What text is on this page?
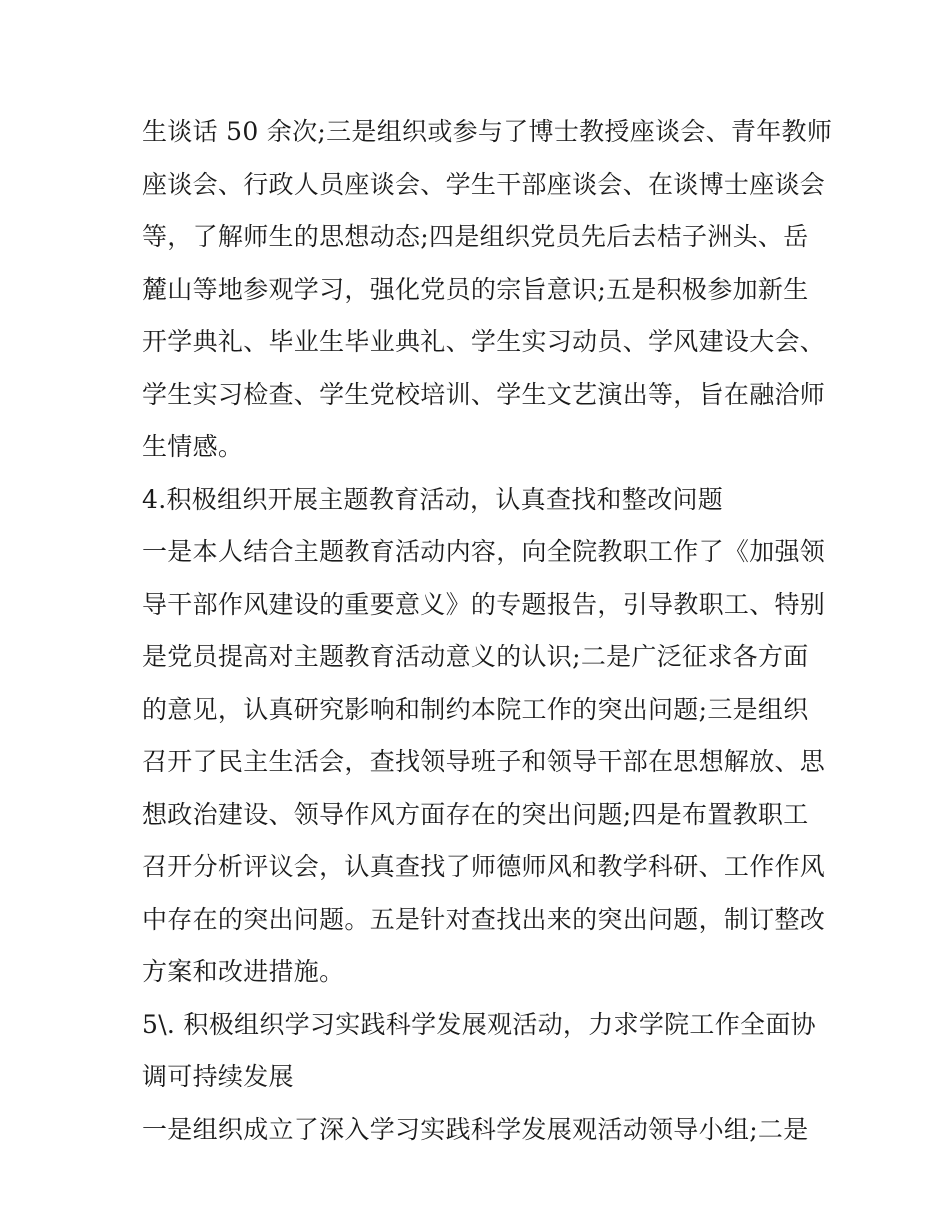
生谈话 50 余次;三是组织或参与了博士教授座谈会、青年教师
座谈会、行政人员座谈会、学生干部座谈会、在谈博士座谈会
等，了解师生的思想动态;四是组织党员先后去桔子洲头、岳
麓山等地参观学习，强化党员的宗旨意识;五是积极参加新生
开学典礼、毕业生毕业典礼、学生实习动员、学风建设大会、
学生实习检查、学生党校培训、学生文艺演出等，旨在融洽师
生情感。
4.积极组织开展主题教育活动，认真查找和整改问题
一是本人结合主题教育活动内容，向全院教职工作了《加强领
导干部作风建设的重要意义》的专题报告，引导教职工、特别
是党员提高对主题教育活动意义的认识;二是广泛征求各方面
的意见，认真研究影响和制约本院工作的突出问题;三是组织
召开了民主生活会，查找领导班子和领导干部在思想解放、思
想政治建设、领导作风方面存在的突出问题;四是布置教职工
召开分析评议会，认真查找了师德师风和教学科研、工作作风
中存在的突出问题。五是针对查找出来的突出问题，制订整改
方案和改进措施。
5\. 积极组织学习实践科学发展观活动，力求学院工作全面协
调可持续发展
一是组织成立了深入学习实践科学发展观活动领导小组;二是
